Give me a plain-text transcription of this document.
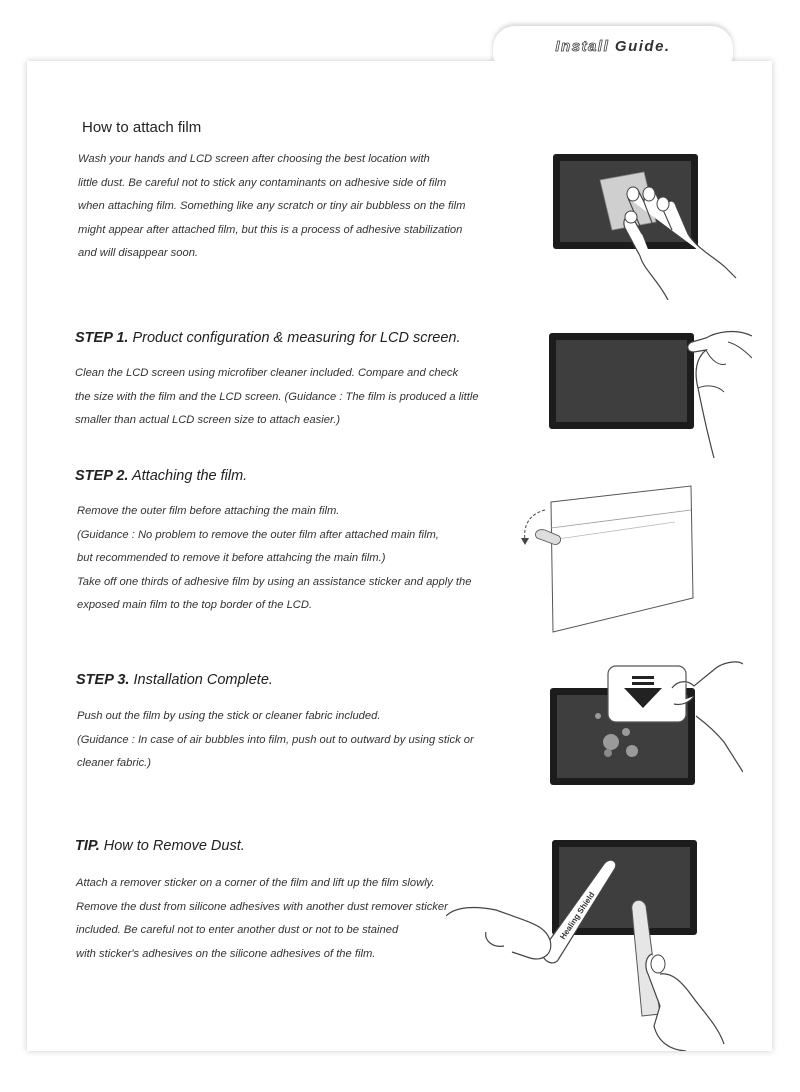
Install Guide.
How to attach film
Wash your hands and LCD screen after choosing the best location with
little dust. Be careful not to stick any contaminants on adhesive side of film
when attaching film. Something like any scratch or tiny air bubbless on the film
might appear after attached film, but this is a process of adhesive stabilization
and will disappear soon.
STEP 1. Product configuration & measuring for LCD screen.
Clean the LCD screen using microfiber cleaner included. Compare and check
the size with the film and the LCD screen. (Guidance : The film is produced a little
smaller than actual LCD screen size to attach easier.)
STEP 2. Attaching the film.
Remove the outer film before attaching the main film.
(Guidance : No problem to remove the outer film after attached main film,
but recommended to remove it before attahcing the main film.)
Take off one thirds of adhesive film by using an assistance sticker and apply the
exposed main film to the top border of the LCD.
STEP 3. Installation Complete.
Push out the film by using the stick or cleaner fabric included.
(Guidance : In case of air bubbles into film, push out to outward by using stick or
cleaner fabric.)
TIP. How to Remove Dust.
Attach a remover sticker on a corner of the film and lift up the film slowly.
Remove the dust from silicone adhesives with another dust remover sticker
included. Be careful not to enter another dust or not to be stained
with sticker's adhesives on the silicone adhesives of the film.
Healing Shield
